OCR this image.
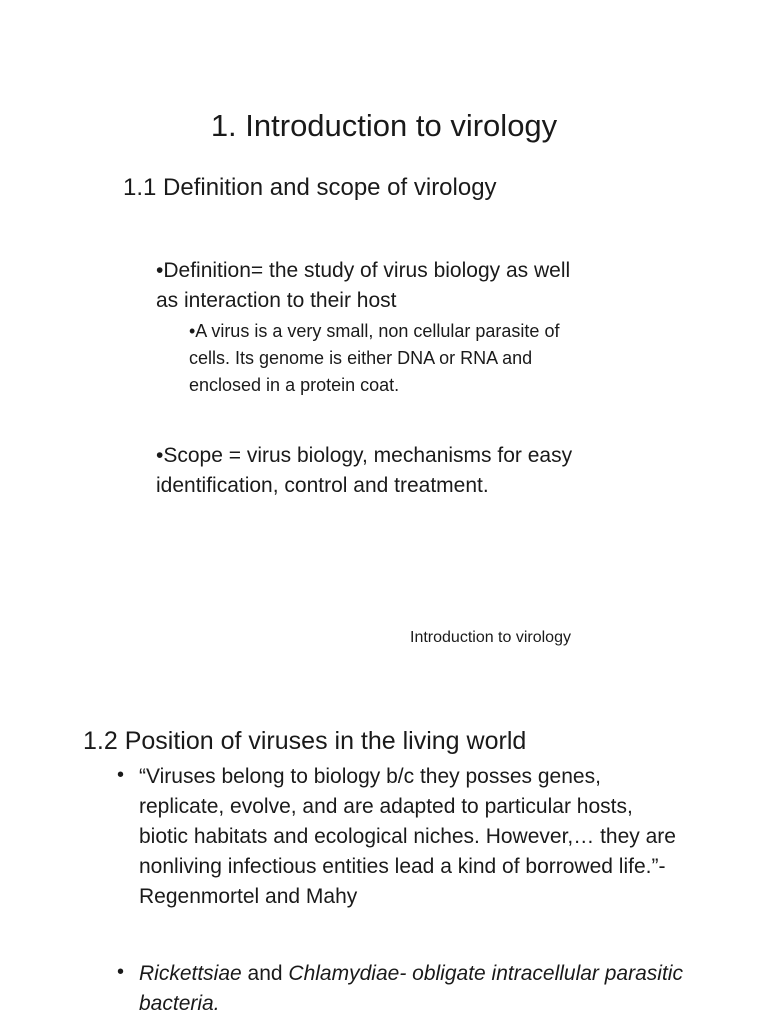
1. Introduction to virology
1.1 Definition and scope of virology
•Definition= the study of virus biology as well
as interaction to their host
•A virus is a very small, non cellular parasite of
cells. Its genome is either DNA or RNA and
enclosed in a protein coat.
•Scope = virus biology, mechanisms for easy
identification, control and treatment.
Introduction to virology
1.2 Position of viruses in the living world
• “Viruses belong to biology b/c they posses genes,
replicate, evolve, and are adapted to particular hosts,
biotic habitats and ecological niches. However,… they are
nonliving infectious entities lead a kind of borrowed life.”-
Regenmortel and Mahy
• Rickettsiae and Chlamydiae- obligate intracellular parasitic
bacteria.
